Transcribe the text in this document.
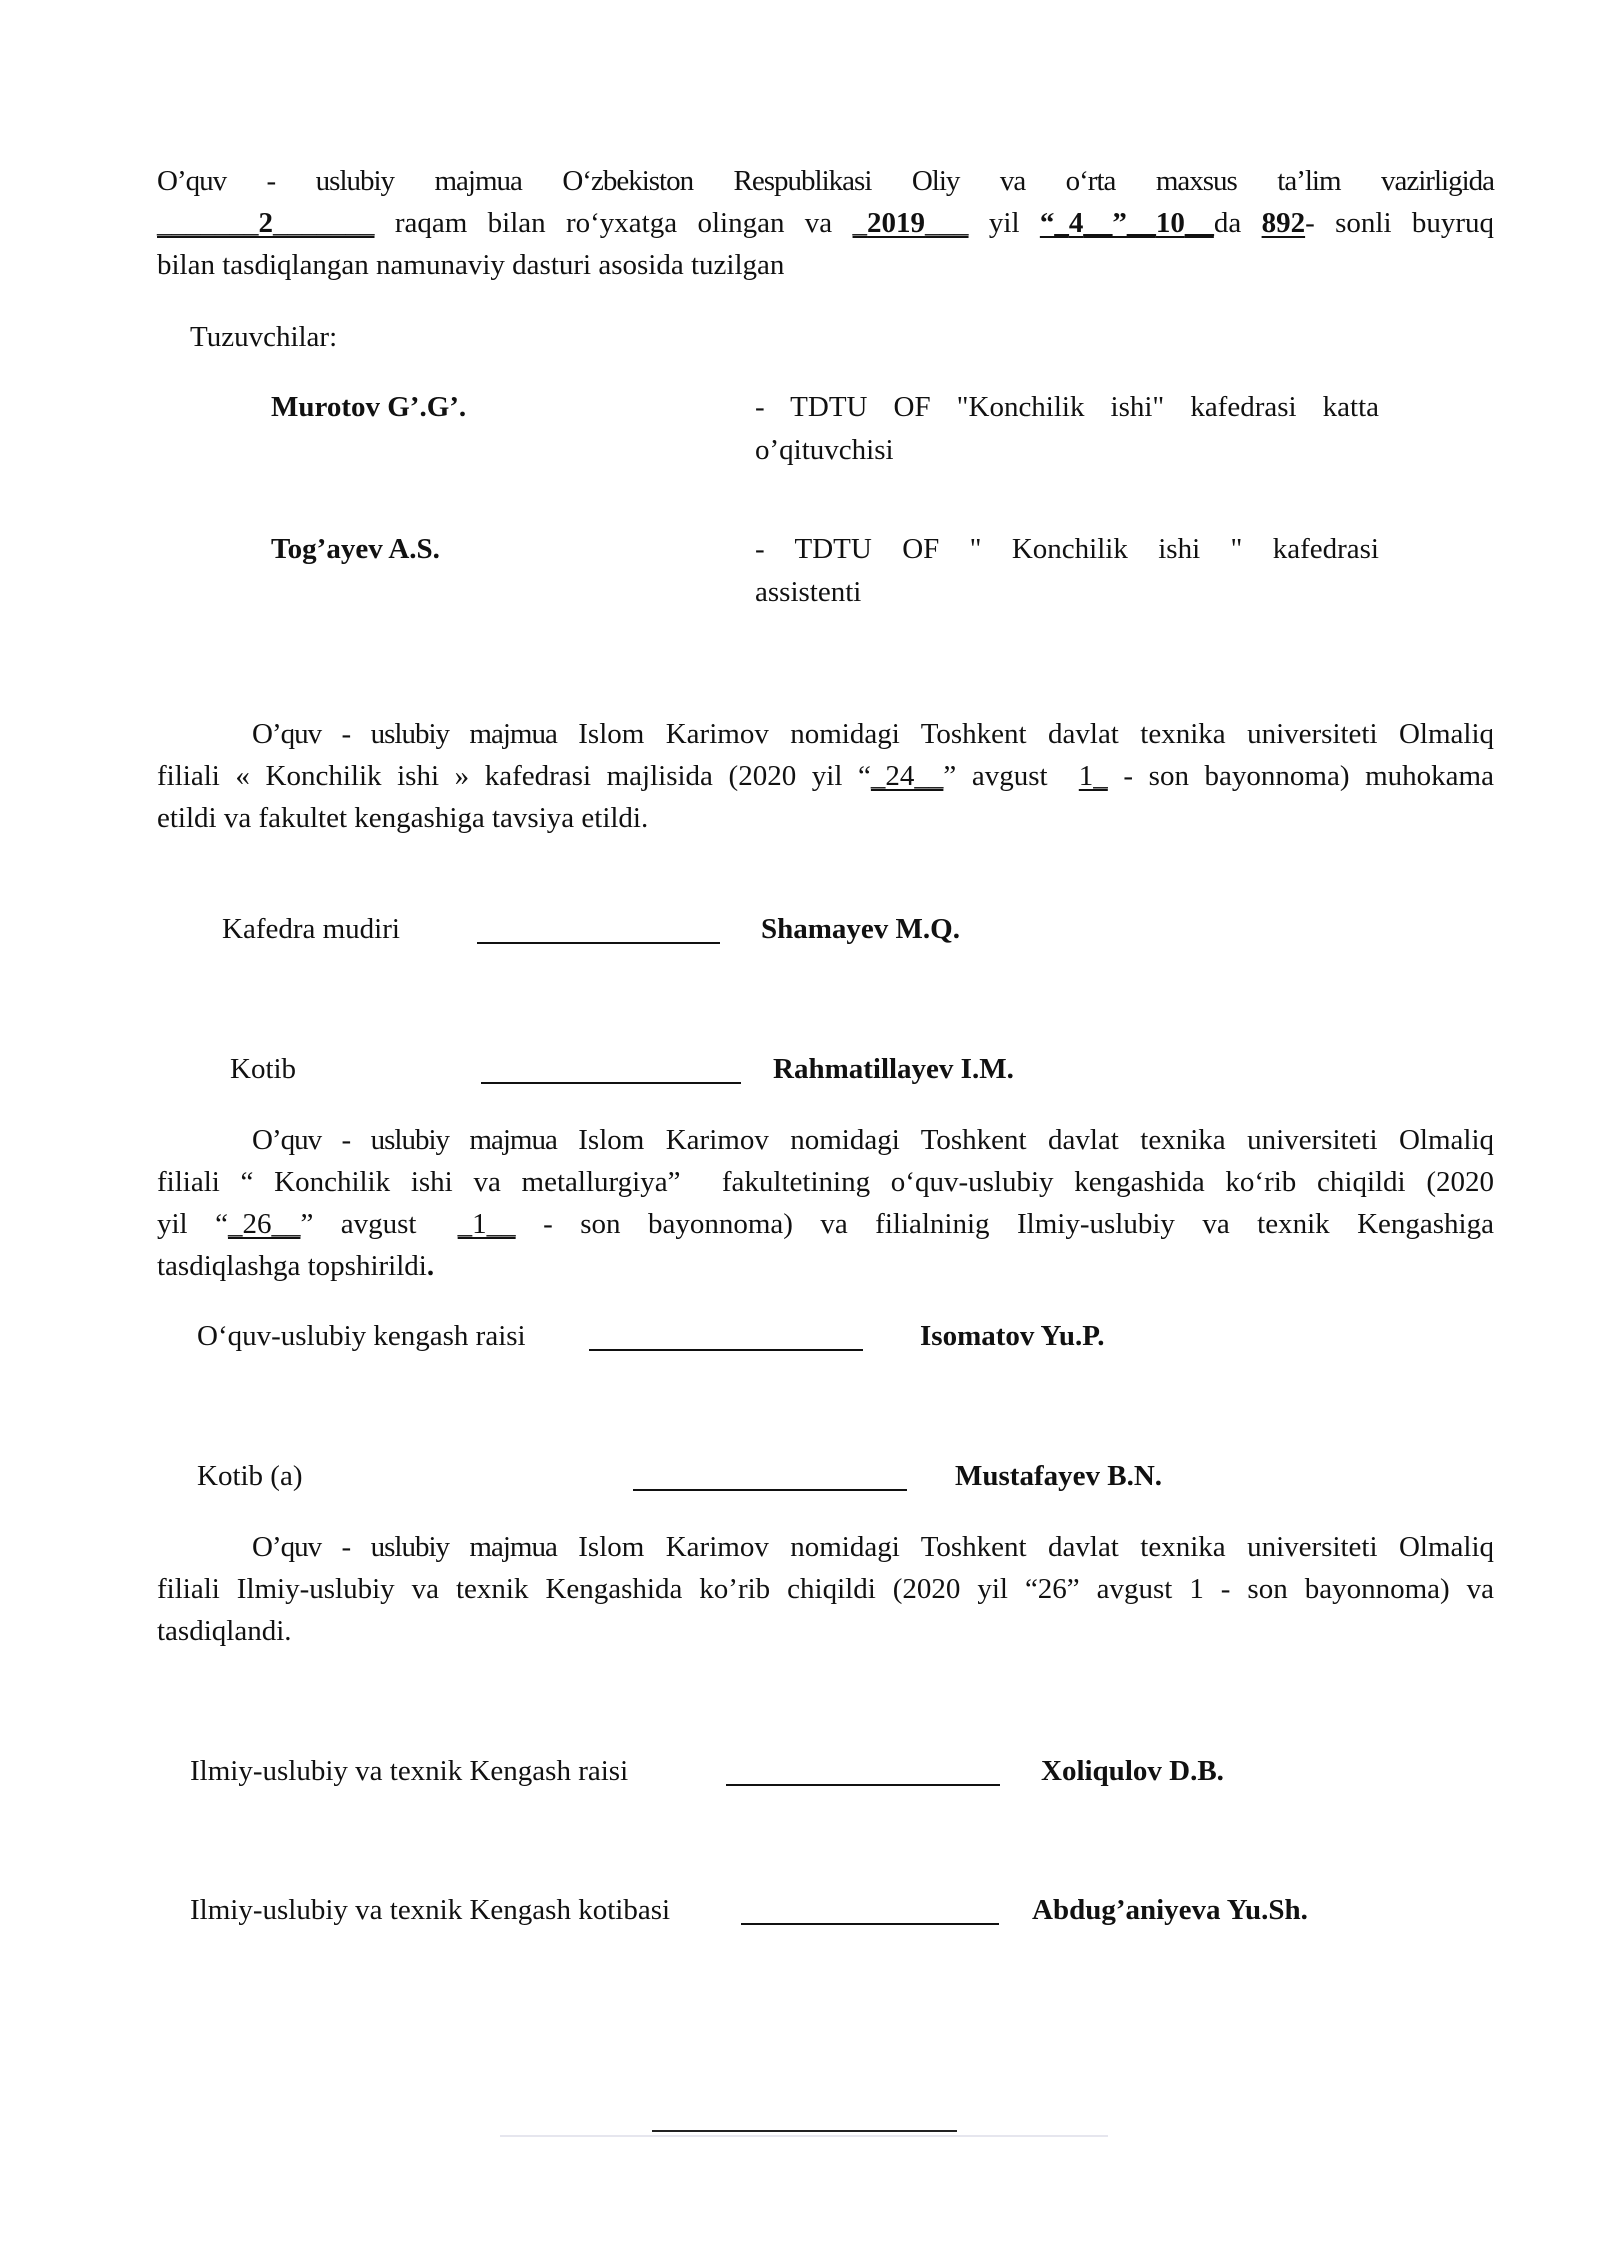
O’quv - uslubiy majmua O‘zbekiston Respublikasi Oliy va o‘rta maxsus ta’lim vazirligida
_______2_______ raqam bilan ro‘yxatga olingan va _2019___ yil “_4__”__10__da 892- sonli buyruq
bilan tasdiqlangan namunaviy dasturi asosida tuzilgan
Tuzuvchilar:
Murotov G’.G’.	- TDTU OF "Konchilik ishi" kafedrasi katta
o’qituvchisi
Tog’ayev A.S.	- TDTU OF " Konchilik ishi " kafedrasi
assistenti
O’quv - uslubiy majmua Islom Karimov nomidagi Toshkent davlat texnika universiteti Olmaliq
filiali « Konchilik ishi » kafedrasi majlisida (2020 yil “_24__” avgust  1_ - son bayonnoma) muhokama
etildi va fakultet kengashiga tavsiya etildi.
Kafedra mudiri	Shamayev M.Q.
Kotib	Rahmatillayev I.M.
O’quv - uslubiy majmua Islom Karimov nomidagi Toshkent davlat texnika universiteti Olmaliq
filiali “ Konchilik ishi va metallurgiya”  fakultetining o‘quv-uslubiy kengashida ko‘rib chiqildi (2020
yil  “_26__”  avgust   _1__  -  son  bayonnoma)  va  filialninig  Ilmiy-uslubiy  va  texnik  Kengashiga
tasdiqlashga topshirildi.
O‘quv-uslubiy kengash raisi	Isomatov Yu.P.
Kotib (a)	Mustafayev B.N.
O’quv - uslubiy majmua Islom Karimov nomidagi Toshkent davlat texnika universiteti Olmaliq
filiali Ilmiy-uslubiy va texnik Kengashida ko’rib chiqildi (2020 yil “26” avgust 1 - son bayonnoma) va
tasdiqlandi.
Ilmiy-uslubiy va texnik Kengash raisi	Xoliqulov D.B.
Ilmiy-uslubiy va texnik Kengash kotibasi	Abdug’aniyeva Yu.Sh.
